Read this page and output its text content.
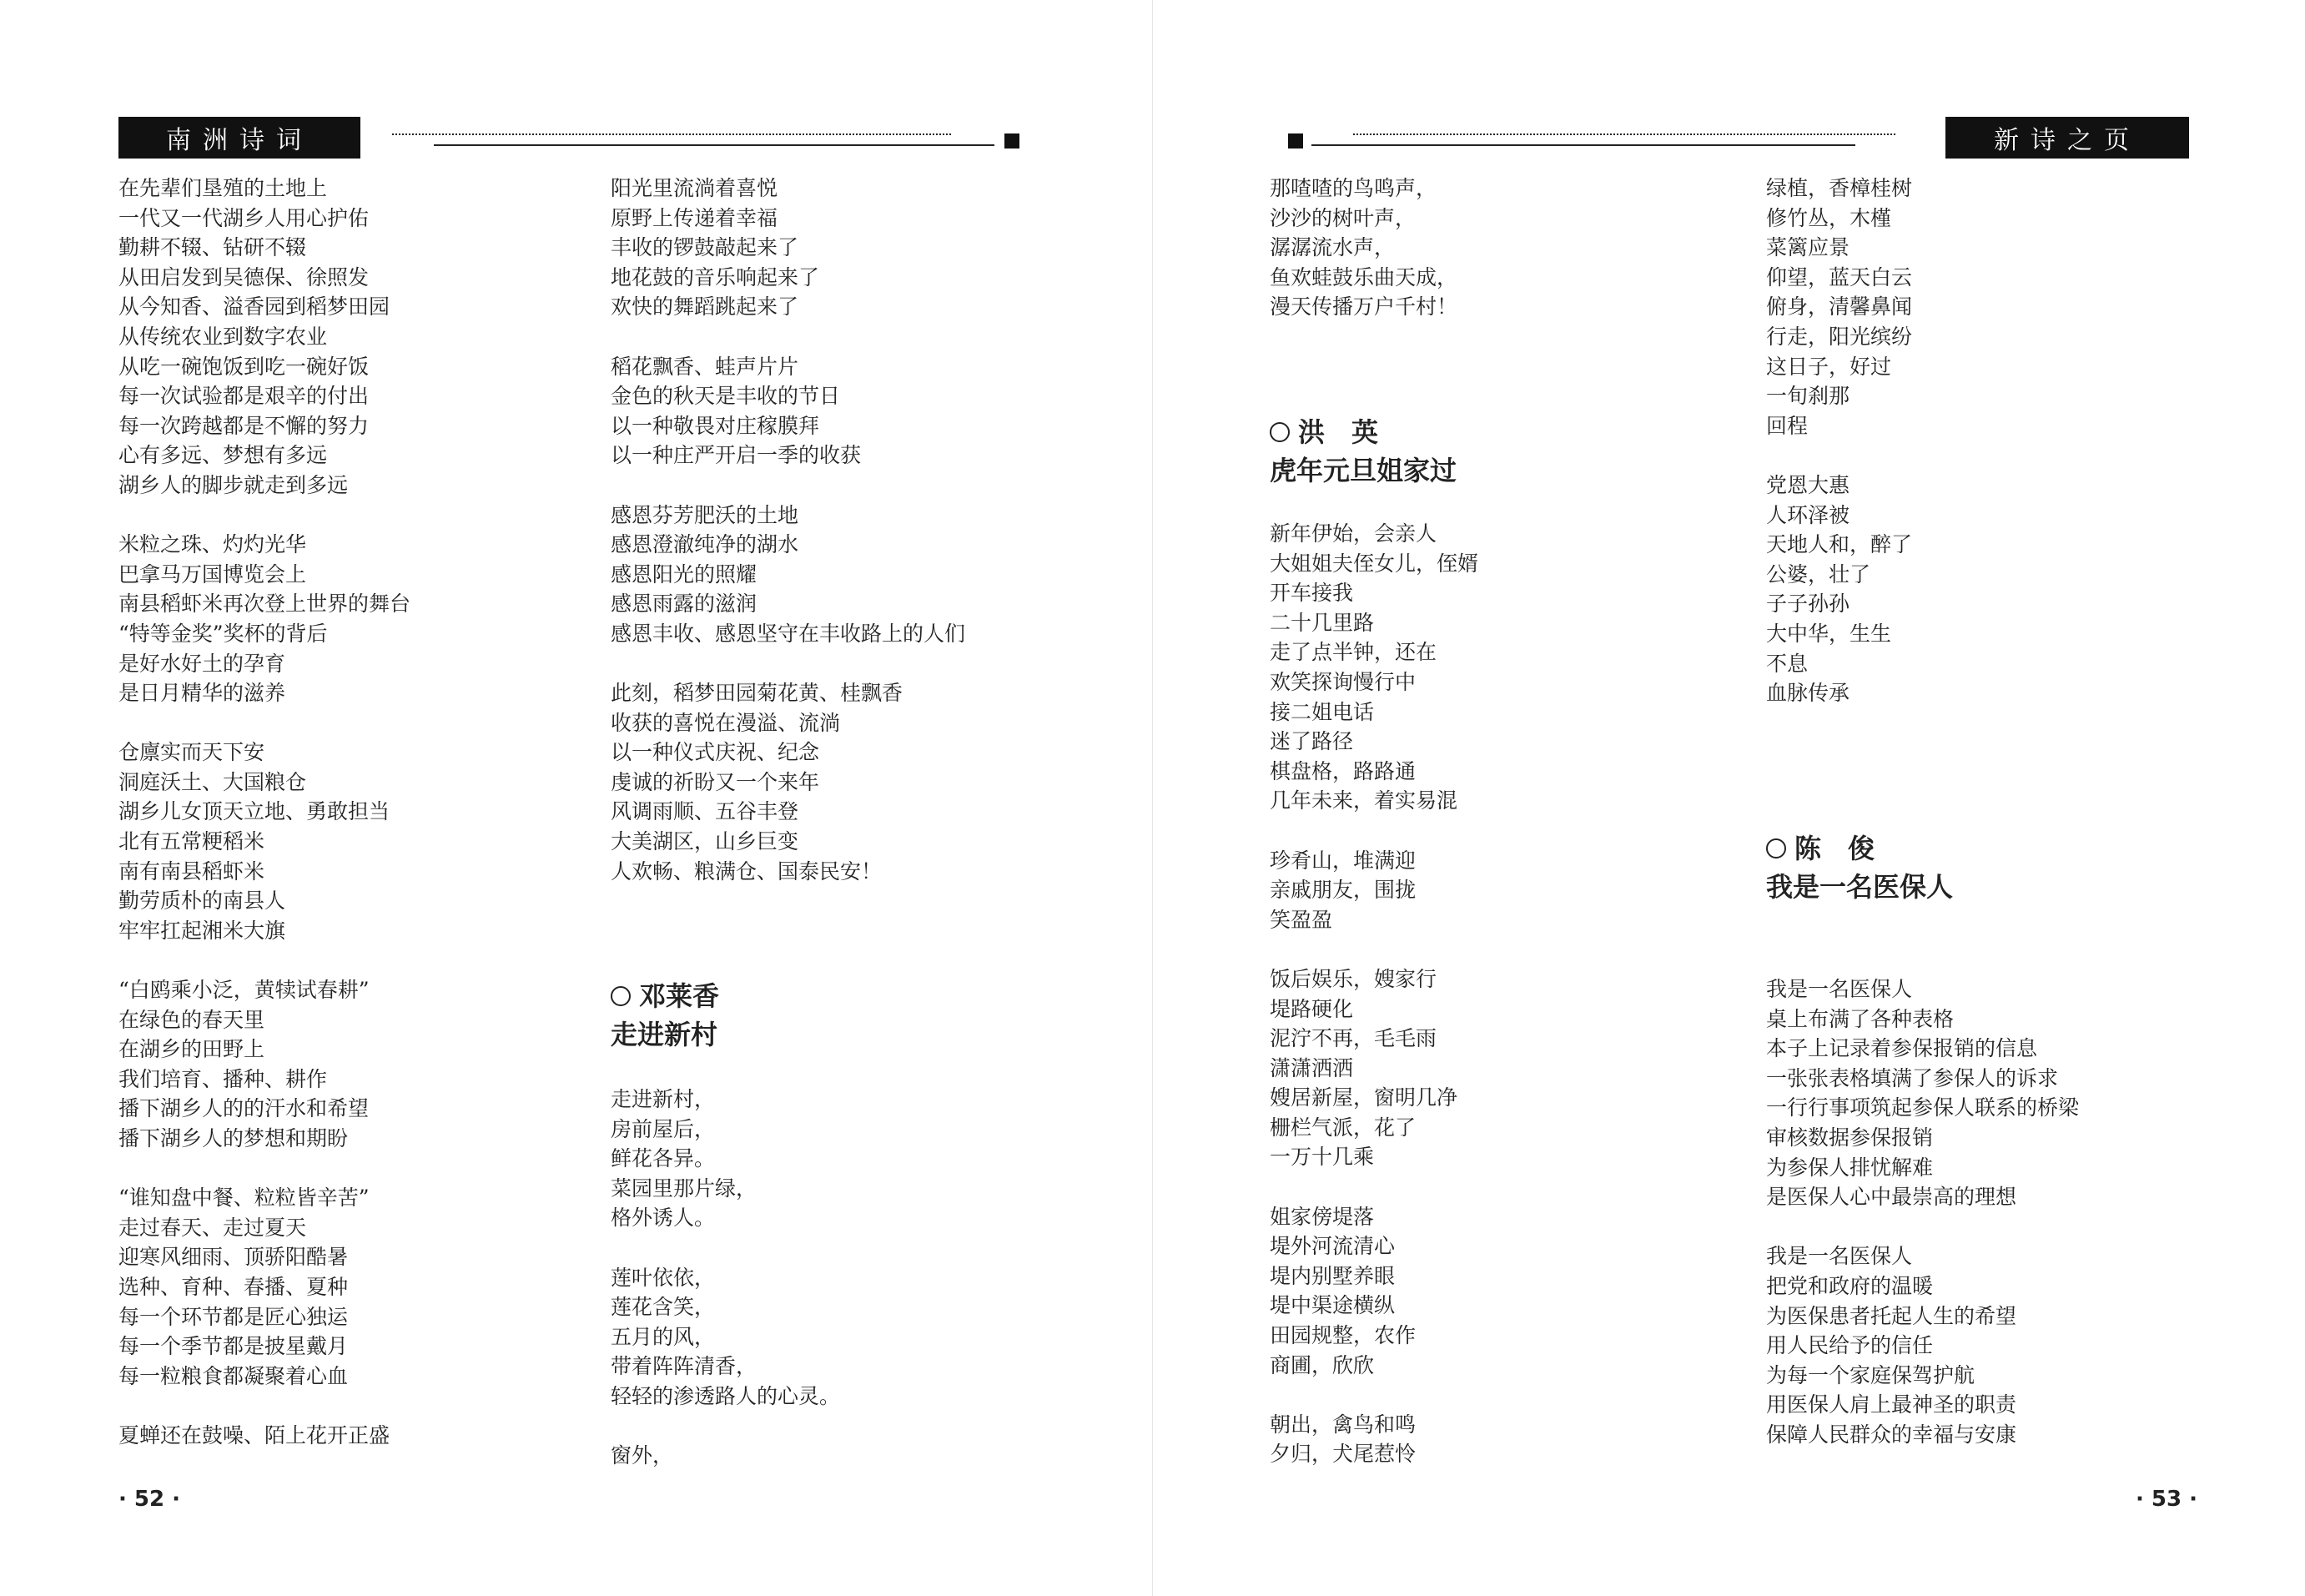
南洲诗词
在先辈们垦殖的土地上
一代又一代湖乡人用心护佑
勤耕不辍、钻研不辍
从田启发到吴德保、徐照发
从今知香、溢香园到稻梦田园
从传统农业到数字农业
从吃一碗饱饭到吃一碗好饭
每一次试验都是艰辛的付出
每一次跨越都是不懈的努力
心有多远、梦想有多远
湖乡人的脚步就走到多远
米粒之珠、灼灼光华
巴拿马万国博览会上
南县稻虾米再次登上世界的舞台
“特等金奖”奖杯的背后
是好水好土的孕育
是日月精华的滋养
仓廪实而天下安
洞庭沃土、大国粮仓
湖乡儿女顶天立地、勇敢担当
北有五常粳稻米
南有南县稻虾米
勤劳质朴的南县人
牢牢扛起湘米大旗
“白鸥乘小泛，黄犊试春耕”
在绿色的春天里
在湖乡的田野上
我们培育、播种、耕作
播下湖乡人的的汗水和希望
播下湖乡人的梦想和期盼
“谁知盘中餐、粒粒皆辛苦”
走过春天、走过夏天
迎寒风细雨、顶骄阳酷暑
选种、育种、春播、夏种
每一个环节都是匠心独运
每一个季节都是披星戴月
每一粒粮食都凝聚着心血
夏蝉还在鼓噪、陌上花开正盛
阳光里流淌着喜悦
原野上传递着幸福
丰收的锣鼓敲起来了
地花鼓的音乐响起来了
欢快的舞蹈跳起来了
稻花飘香、蛙声片片
金色的秋天是丰收的节日
以一种敬畏对庄稼膜拜
以一种庄严开启一季的收获
感恩芬芳肥沃的土地
感恩澄澈纯净的湖水
感恩阳光的照耀
感恩雨露的滋润
感恩丰收、感恩坚守在丰收路上的人们
此刻，稻梦田园菊花黄、桂飘香
收获的喜悦在漫溢、流淌
以一种仪式庆祝、纪念
虔诚的祈盼又一个来年
风调雨顺、五谷丰登
大美湖区，山乡巨变
人欢畅、粮满仓、国泰民安！
邓莱香
走进新村
走进新村，
房前屋后，
鲜花各异。
菜园里那片绿，
格外诱人。
莲叶依依，
莲花含笑，
五月的风，
带着阵阵清香，
轻轻的渗透路人的心灵。
窗外，
· 52 ·
新诗之页
那喳喳的鸟鸣声，
沙沙的树叶声，
潺潺流水声，
鱼欢蛙鼓乐曲天成，
漫天传播万户千村！
洪　英
虎年元旦姐家过
新年伊始，会亲人
大姐姐夫侄女儿，侄婿
开车接我
二十几里路
走了点半钟，还在
欢笑探询慢行中
接二姐电话
迷了路径
棋盘格，路路通
几年未来，着实易混
珍肴山，堆满迎
亲戚朋友，围拢
笑盈盈
饭后娱乐，嫂家行
堤路硬化
泥泞不再，毛毛雨
潇潇洒洒
嫂居新屋，窗明几净
栅栏气派，花了
一万十几乘
姐家傍堤落
堤外河流清心
堤内别墅养眼
堤中渠途横纵
田园规整，农作
商圃，欣欣
朝出，禽鸟和鸣
夕归，犬尾惹怜
绿植，香樟桂树
修竹丛，木槿
菜篱应景
仰望，蓝天白云
俯身，清馨鼻闻
行走，阳光缤纷
这日子，好过
一旬刹那
回程
党恩大惠
人环泽被
天地人和，醉了
公婆，壮了
子子孙孙
大中华，生生
不息
血脉传承
陈　俊
我是一名医保人
我是一名医保人
桌上布满了各种表格
本子上记录着参保报销的信息
一张张表格填满了参保人的诉求
一行行事项筑起参保人联系的桥梁
审核数据参保报销
为参保人排忧解难
是医保人心中最崇高的理想
我是一名医保人
把党和政府的温暖
为医保患者托起人生的希望
用人民给予的信任
为每一个家庭保驾护航
用医保人肩上最神圣的职责
保障人民群众的幸福与安康
· 53 ·
